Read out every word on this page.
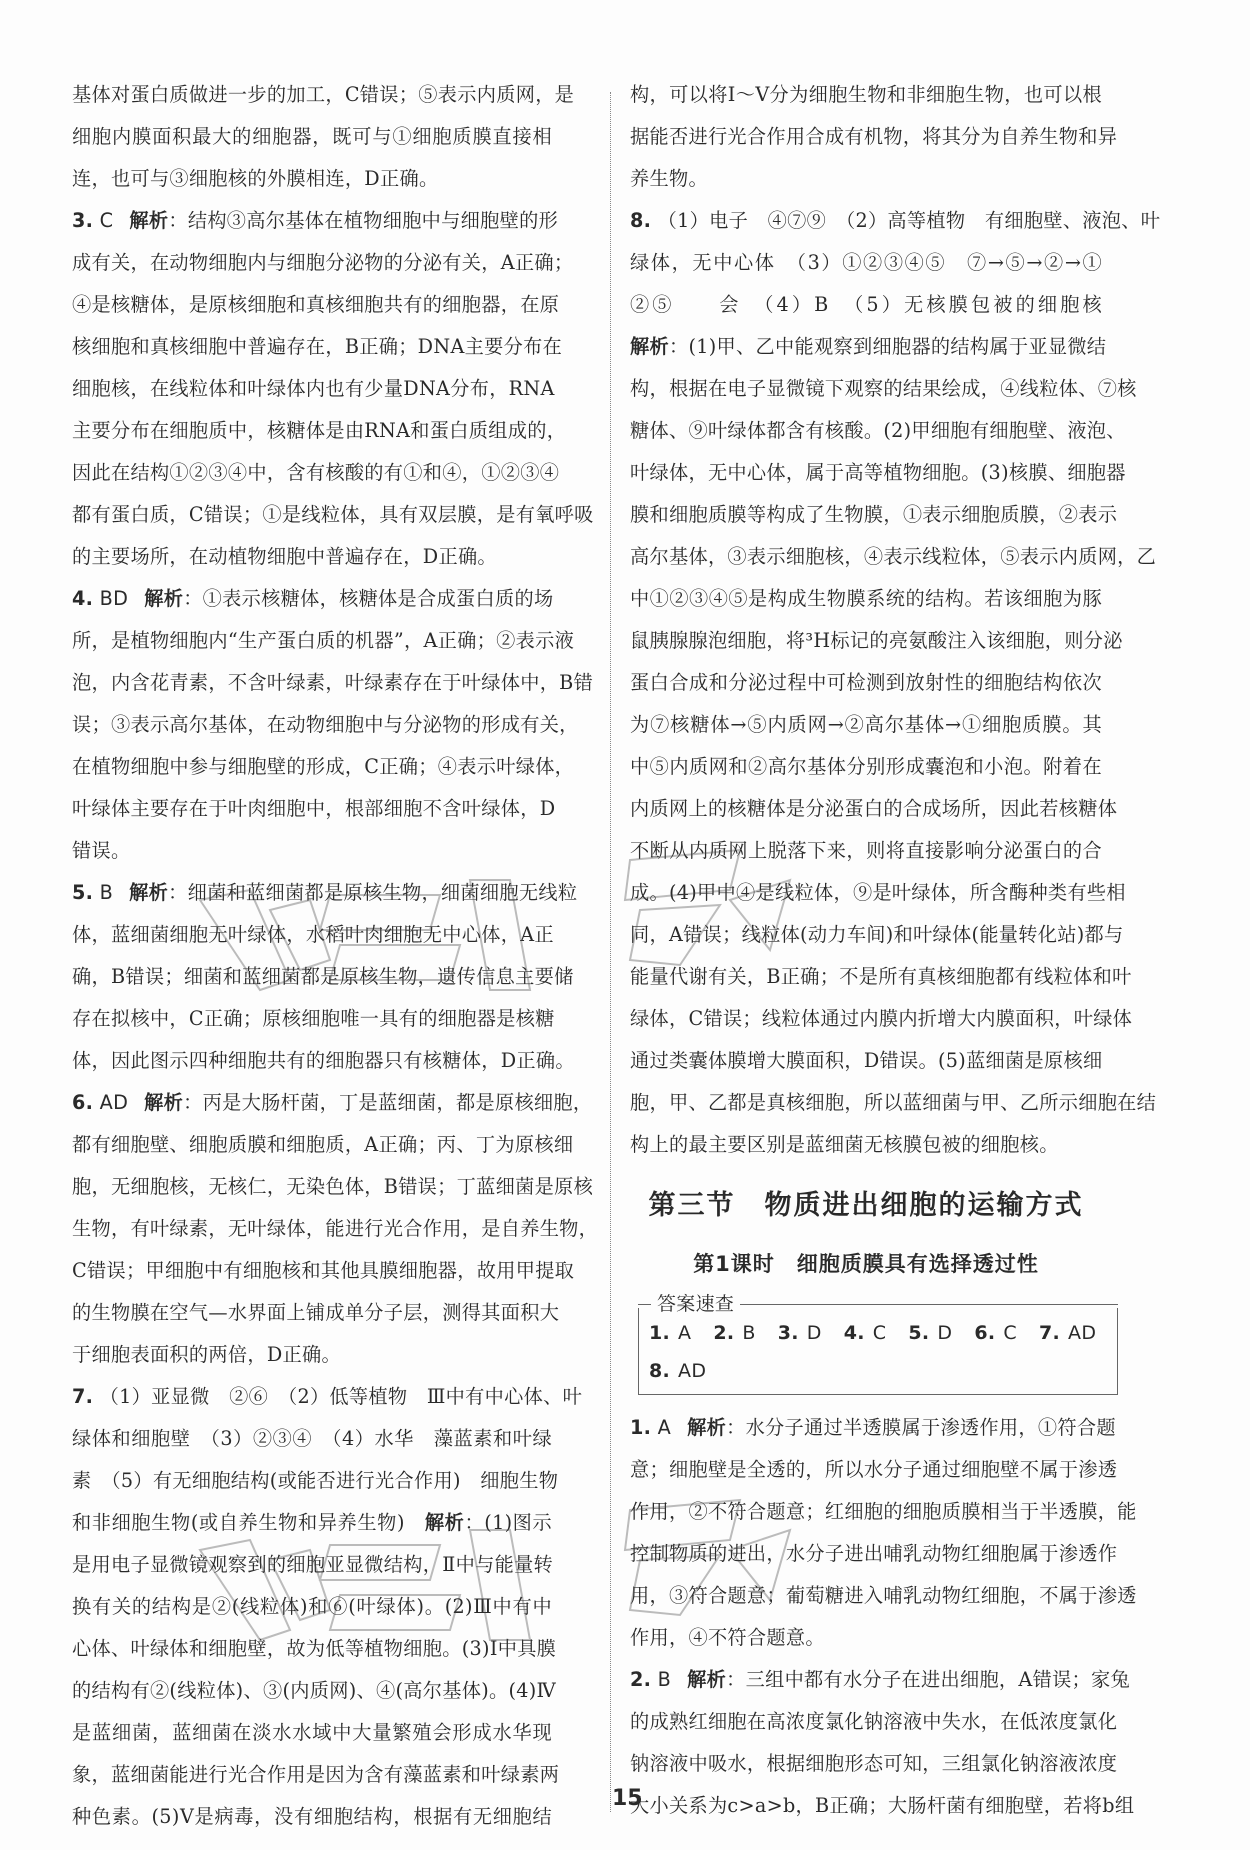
基体对蛋白质做进一步的加工，C错误；⑤表示内质网，是
细胞内膜面积最大的细胞器，既可与①细胞质膜直接相
连，也可与③细胞核的外膜相连，D正确。
3. C 解析：结构③高尔基体在植物细胞中与细胞壁的形
成有关，在动物细胞内与细胞分泌物的分泌有关，A正确；
④是核糖体，是原核细胞和真核细胞共有的细胞器，在原
核细胞和真核细胞中普遍存在，B正确；DNA主要分布在
细胞核，在线粒体和叶绿体内也有少量DNA分布，RNA
主要分布在细胞质中，核糖体是由RNA和蛋白质组成的，
因此在结构①②③④中，含有核酸的有①和④，①②③④
都有蛋白质，C错误；①是线粒体，具有双层膜，是有氧呼吸
的主要场所，在动植物细胞中普遍存在，D正确。
4. BD 解析：①表示核糖体，核糖体是合成蛋白质的场
所，是植物细胞内“生产蛋白质的机器”，A正确；②表示液
泡，内含花青素，不含叶绿素，叶绿素存在于叶绿体中，B错
误；③表示高尔基体，在动物细胞中与分泌物的形成有关，
在植物细胞中参与细胞壁的形成，C正确；④表示叶绿体，
叶绿体主要存在于叶肉细胞中，根部细胞不含叶绿体，D
错误。
5. B 解析：细菌和蓝细菌都是原核生物，细菌细胞无线粒
体，蓝细菌细胞无叶绿体，水稻叶肉细胞无中心体，A正
确，B错误；细菌和蓝细菌都是原核生物，遗传信息主要储
存在拟核中，C正确；原核细胞唯一具有的细胞器是核糖
体，因此图示四种细胞共有的细胞器只有核糖体，D正确。
6. AD 解析：丙是大肠杆菌，丁是蓝细菌，都是原核细胞，
都有细胞壁、细胞质膜和细胞质，A正确；丙、丁为原核细
胞，无细胞核，无核仁，无染色体，B错误；丁蓝细菌是原核
生物，有叶绿素，无叶绿体，能进行光合作用，是自养生物，
C错误；甲细胞中有细胞核和其他具膜细胞器，故用甲提取
的生物膜在空气—水界面上铺成单分子层，测得其面积大
于细胞表面积的两倍，D正确。
7. （1）亚显微　②⑥　（2）低等植物　Ⅲ中有中心体、叶
绿体和细胞壁　（3）②③④　（4）水华　藻蓝素和叶绿
素　（5）有无细胞结构(或能否进行光合作用)　细胞生物
和非细胞生物(或自养生物和异养生物)　 解析：(1)图示
是用电子显微镜观察到的细胞亚显微结构，Ⅱ中与能量转
换有关的结构是②(线粒体)和⑥(叶绿体)。(2)Ⅲ中有中
心体、叶绿体和细胞壁，故为低等植物细胞。(3)Ⅰ中具膜
的结构有②(线粒体)、③(内质网)、④(高尔基体)。(4)Ⅳ
是蓝细菌，蓝细菌在淡水水域中大量繁殖会形成水华现
象，蓝细菌能进行光合作用是因为含有藻蓝素和叶绿素两
种色素。(5)Ⅴ是病毒，没有细胞结构，根据有无细胞结
构，可以将Ⅰ～Ⅴ分为细胞生物和非细胞生物，也可以根
据能否进行光合作用合成有机物，将其分为自养生物和异
养生物。
8. （1）电子　④⑦⑨　（2）高等植物　有细胞壁、液泡、叶
绿体，无中心体　（3）①②③④⑤　⑦→⑤→②→①
②⑤　　会　（4）B　（5）无核膜包被的细胞核
解析：(1)甲、乙中能观察到细胞器的结构属于亚显微结
构，根据在电子显微镜下观察的结果绘成，④线粒体、⑦核
糖体、⑨叶绿体都含有核酸。(2)甲细胞有细胞壁、液泡、
叶绿体，无中心体，属于高等植物细胞。(3)核膜、细胞器
膜和细胞质膜等构成了生物膜，①表示细胞质膜，②表示
高尔基体，③表示细胞核，④表示线粒体，⑤表示内质网，乙
中①②③④⑤是构成生物膜系统的结构。若该细胞为豚
鼠胰腺腺泡细胞，将³H标记的亮氨酸注入该细胞，则分泌
蛋白合成和分泌过程中可检测到放射性的细胞结构依次
为⑦核糖体→⑤内质网→②高尔基体→①细胞质膜。其
中⑤内质网和②高尔基体分别形成囊泡和小泡。附着在
内质网上的核糖体是分泌蛋白的合成场所，因此若核糖体
不断从内质网上脱落下来，则将直接影响分泌蛋白的合
成。(4)甲中④是线粒体，⑨是叶绿体，所含酶种类有些相
同，A错误；线粒体(动力车间)和叶绿体(能量转化站)都与
能量代谢有关，B正确；不是所有真核细胞都有线粒体和叶
绿体，C错误；线粒体通过内膜内折增大内膜面积，叶绿体
通过类囊体膜增大膜面积，D错误。(5)蓝细菌是原核细
胞，甲、乙都是真核细胞，所以蓝细菌与甲、乙所示细胞在结
构上的最主要区别是蓝细菌无核膜包被的细胞核。
第三节　物质进出细胞的运输方式
第1课时　细胞质膜具有选择透过性
答案速查
1. A 2. B 3. D 4. C 5. D 6. C 7. AD
8. AD
1. A 解析：水分子通过半透膜属于渗透作用，①符合题
意；细胞壁是全透的，所以水分子通过细胞壁不属于渗透
作用，②不符合题意；红细胞的细胞质膜相当于半透膜，能
控制物质的进出，水分子进出哺乳动物红细胞属于渗透作
用，③符合题意；葡萄糖进入哺乳动物红细胞，不属于渗透
作用，④不符合题意。
2. B 解析：三组中都有水分子在进出细胞，A错误；家兔
的成熟红细胞在高浓度氯化钠溶液中失水，在低浓度氯化
钠溶液中吸水，根据细胞形态可知，三组氯化钠溶液浓度
大小关系为c>a>b，B正确；大肠杆菌有细胞壁，若将b组
15
